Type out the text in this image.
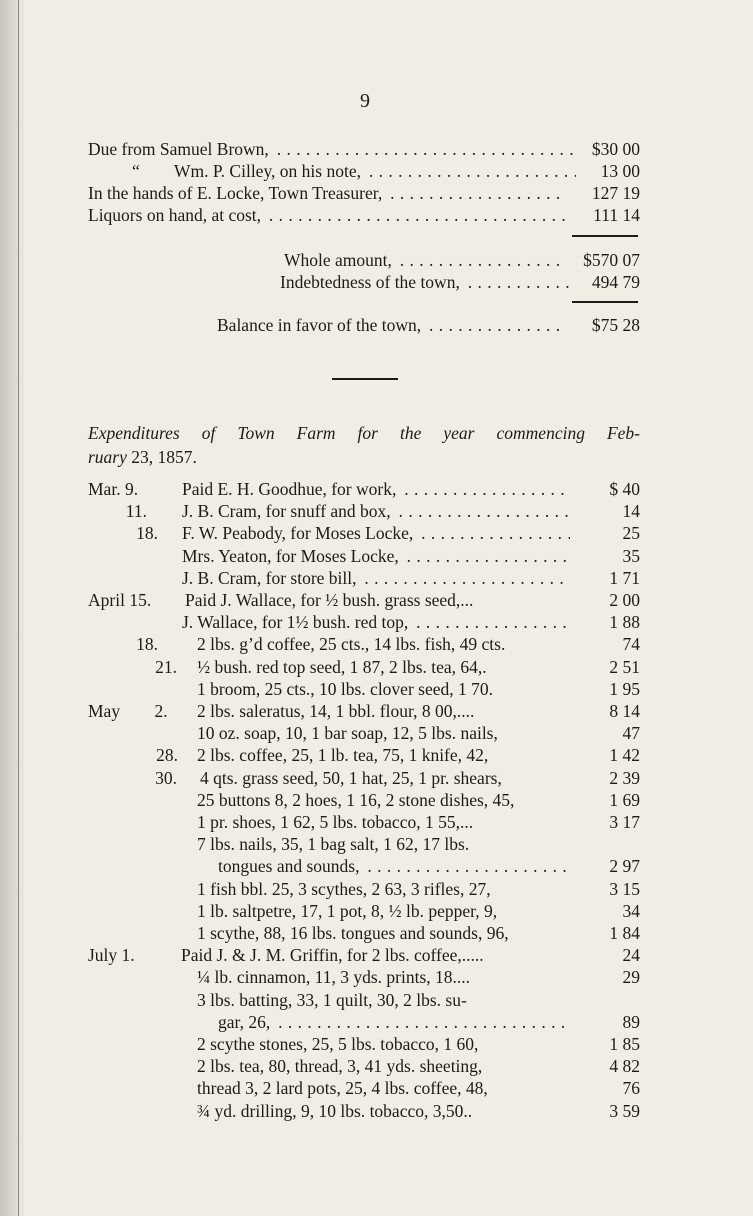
9
Due from Samuel Brown, . . .	$30 00
“ Wm. P. Cilley, on his note, . . .	13 00
In the hands of E. Locke, Town Treasurer, . . .	127 19
Liquors on hand, at cost, . . .	111 14
Whole amount, . . .	$570 07
Indebtedness of the town, . . .	494 79
Balance in favor of the town, . . .	$75 28
Expenditures of Town Farm for the year commencing Feb-
ruary 23, 1857.
Mar. 9.	Paid E. H. Goodhue, for work, . . .	$ 40
11. J. B. Cram, for snuff and box, . . .	14
18. F. W. Peabody, for Moses Locke, . . .	25
Mrs. Yeaton, for Moses Locke, . . .	35
J. B. Cram, for store bill, . . .	1 71
April 15. Paid J. Wallace, for ½ bush. grass seed,...	2 00
J. Wallace, for 1½ bush. red top, . . .	1 88
18. 2 lbs. g’d coffee, 25 cts., 14 lbs. fish, 49 cts.	74
21. ½ bush. red top seed, 1 87, 2 lbs. tea, 64,.	2 51
1 broom, 25 cts., 10 lbs. clover seed, 1 70.	1 95
May 2. 2 lbs. saleratus, 14, 1 bbl. flour, 8 00,....	8 14
10 oz. soap, 10, 1 bar soap, 12, 5 lbs. nails,	47
28. 2 lbs. coffee, 25, 1 lb. tea, 75, 1 knife, 42,	1 42
30. 4 qts. grass seed, 50, 1 hat, 25, 1 pr. shears,	2 39
25 buttons 8, 2 hoes, 1 16, 2 stone dishes, 45,	1 69
1 pr. shoes, 1 62, 5 lbs. tobacco, 1 55,...	3 17
7 lbs. nails, 35, 1 bag salt, 1 62, 17 lbs.
tongues and sounds, . . .	2 97
1 fish bbl. 25, 3 scythes, 2 63, 3 rifles, 27,	3 15
1 lb. saltpetre, 17, 1 pot, 8, ½ lb. pepper, 9,	34
1 scythe, 88, 16 lbs. tongues and sounds, 96,	1 84
July 1.	Paid J. & J. M. Griffin, for 2 lbs. coffee,.....	24
¼ lb. cinnamon, 11, 3 yds. prints, 18....	29
3 lbs. batting, 33, 1 quilt, 30, 2 lbs. su-
gar, 26, . . .	89
2 scythe stones, 25, 5 lbs. tobacco, 1 60,	1 85
2 lbs. tea, 80, thread, 3, 41 yds. sheeting,	4 82
thread 3, 2 lard pots, 25, 4 lbs. coffee, 48,	76
¾ yd. drilling, 9, 10 lbs. tobacco, 3,50..	3 59
